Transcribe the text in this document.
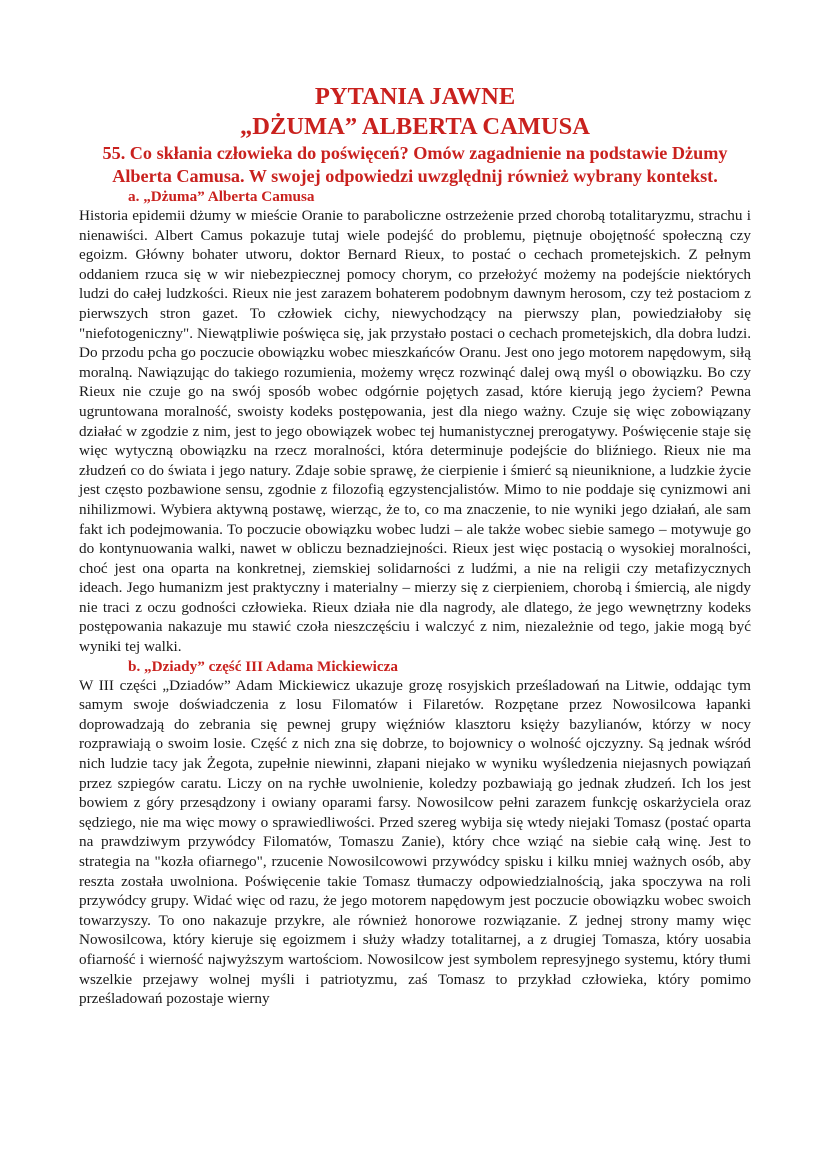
PYTANIA JAWNE
„DŻUMA” ALBERTA CAMUSA
55. Co skłania człowieka do poświęceń? Omów zagadnienie na podstawie Dżumy Alberta Camusa. W swojej odpowiedzi uwzględnij również wybrany kontekst.
a. „Dżuma” Alberta Camusa

Historia epidemii dżumy w mieście Oranie to paraboliczne ostrzeżenie przed chorobą totalitaryzmu, strachu i nienawiści. Albert Camus pokazuje tutaj wiele podejść do problemu, piętnuje obojętność społeczną czy egoizm. Główny bohater utworu, doktor Bernard Rieux, to postać o cechach prometejskich. Z pełnym oddaniem rzuca się w wir niebezpiecznej pomocy chorym, co przełożyć możemy na podejście niektórych ludzi do całej ludzkości. Rieux nie jest zarazem bohaterem podobnym dawnym herosom, czy też postaciom z pierwszych stron gazet. To człowiek cichy, niewychodzący na pierwszy plan, powiedziałoby się "niefotogeniczny". Niewątpliwie poświęca się, jak przystało postaci o cechach prometejskich, dla dobra ludzi. Do przodu pcha go poczucie obowiązku wobec mieszkańców Oranu. Jest ono jego motorem napędowym, siłą moralną. Nawiązując do takiego rozumienia, możemy wręcz rozwinąć dalej ową myśl o obowiązku. Bo czy Rieux nie czuje go na swój sposób wobec odgórnie pojętych zasad, które kierują jego życiem? Pewna ugruntowana moralność, swoisty kodeks postępowania, jest dla niego ważny. Czuje się więc zobowiązany działać w zgodzie z nim, jest to jego obowiązek wobec tej humanistycznej prerogatywy. Poświęcenie staje się więc wytyczną obowiązku na rzecz moralności, która determinuje podejście do bliźniego. Rieux nie ma złudzeń co do świata i jego natury. Zdaje sobie sprawę, że cierpienie i śmierć są nieuniknione, a ludzkie życie jest często pozbawione sensu, zgodnie z filozofią egzystencjalistów. Mimo to nie poddaje się cynizmowi ani nihilizmowi. Wybiera aktywną postawę, wierząc, że to, co ma znaczenie, to nie wyniki jego działań, ale sam fakt ich podejmowania. To poczucie obowiązku wobec ludzi – ale także wobec siebie samego – motywuje go do kontynuowania walki, nawet w obliczu beznadziejności. Rieux jest więc postacią o wysokiej moralności, choć jest ona oparta na konkretnej, ziemskiej solidarności z ludźmi, a nie na religii czy metafizycznych ideach. Jego humanizm jest praktyczny i materialny – mierzy się z cierpieniem, chorobą i śmiercią, ale nigdy nie traci z oczu godności człowieka. Rieux działa nie dla nagrody, ale dlatego, że jego wewnętrzny kodeks postępowania nakazuje mu stawić czoła nieszczęściu i walczyć z nim, niezależnie od tego, jakie mogą być wyniki tej walki.

b. „Dziady” część III Adama Mickiewicza

W III części „Dziadów” Adam Mickiewicz ukazuje grozę rosyjskich prześladowań na Litwie, oddając tym samym swoje doświadczenia z losu Filomatów i Filaretów. Rozpętane przez Nowosilcowa łapanki doprowadzają do zebrania się pewnej grupy więźniów klasztoru księży bazylianów, którzy w nocy rozprawiają o swoim losie. Część z nich zna się dobrze, to bojownicy o wolność ojczyzny. Są jednak wśród nich ludzie tacy jak Żegota, zupełnie niewinni, złapani niejako w wyniku wyśledzenia niejasnych powiązań przez szpiegów caratu. Liczy on na rychłe uwolnienie, koledzy pozbawiają go jednak złudzeń. Ich los jest bowiem z góry przesądzony i owiany oparami farsy. Nowosilcow pełni zarazem funkcję oskarżyciela oraz sędziego, nie ma więc mowy o sprawiedliwości. Przed szereg wybija się wtedy niejaki Tomasz (postać oparta na prawdziwym przywódcy Filomatów, Tomaszu Zanie), który chce wziąć na siebie całą winę. Jest to strategia na "kozła ofiarnego", rzucenie Nowosilcowowi przywódcy spisku i kilku mniej ważnych osób, aby reszta została uwolniona. Poświęcenie takie Tomasz tłumaczy odpowiedzialnością, jaka spoczywa na roli przywódcy grupy. Widać więc od razu, że jego motorem napędowym jest poczucie obowiązku wobec swoich towarzyszy. To ono nakazuje przykre, ale również honorowe rozwiązanie. Z jednej strony mamy więc Nowosilcowa, który kieruje się egoizmem i służy władzy totalitarnej, a z drugiej Tomasza, który uosabia ofiarność i wierność najwyższym wartościom. Nowosilcow jest symbolem represyjnego systemu, który tłumi wszelkie przejawy wolnej myśli i patriotyzmu, zaś Tomasz to przykład człowieka, który pomimo prześladowań pozostaje wierny
